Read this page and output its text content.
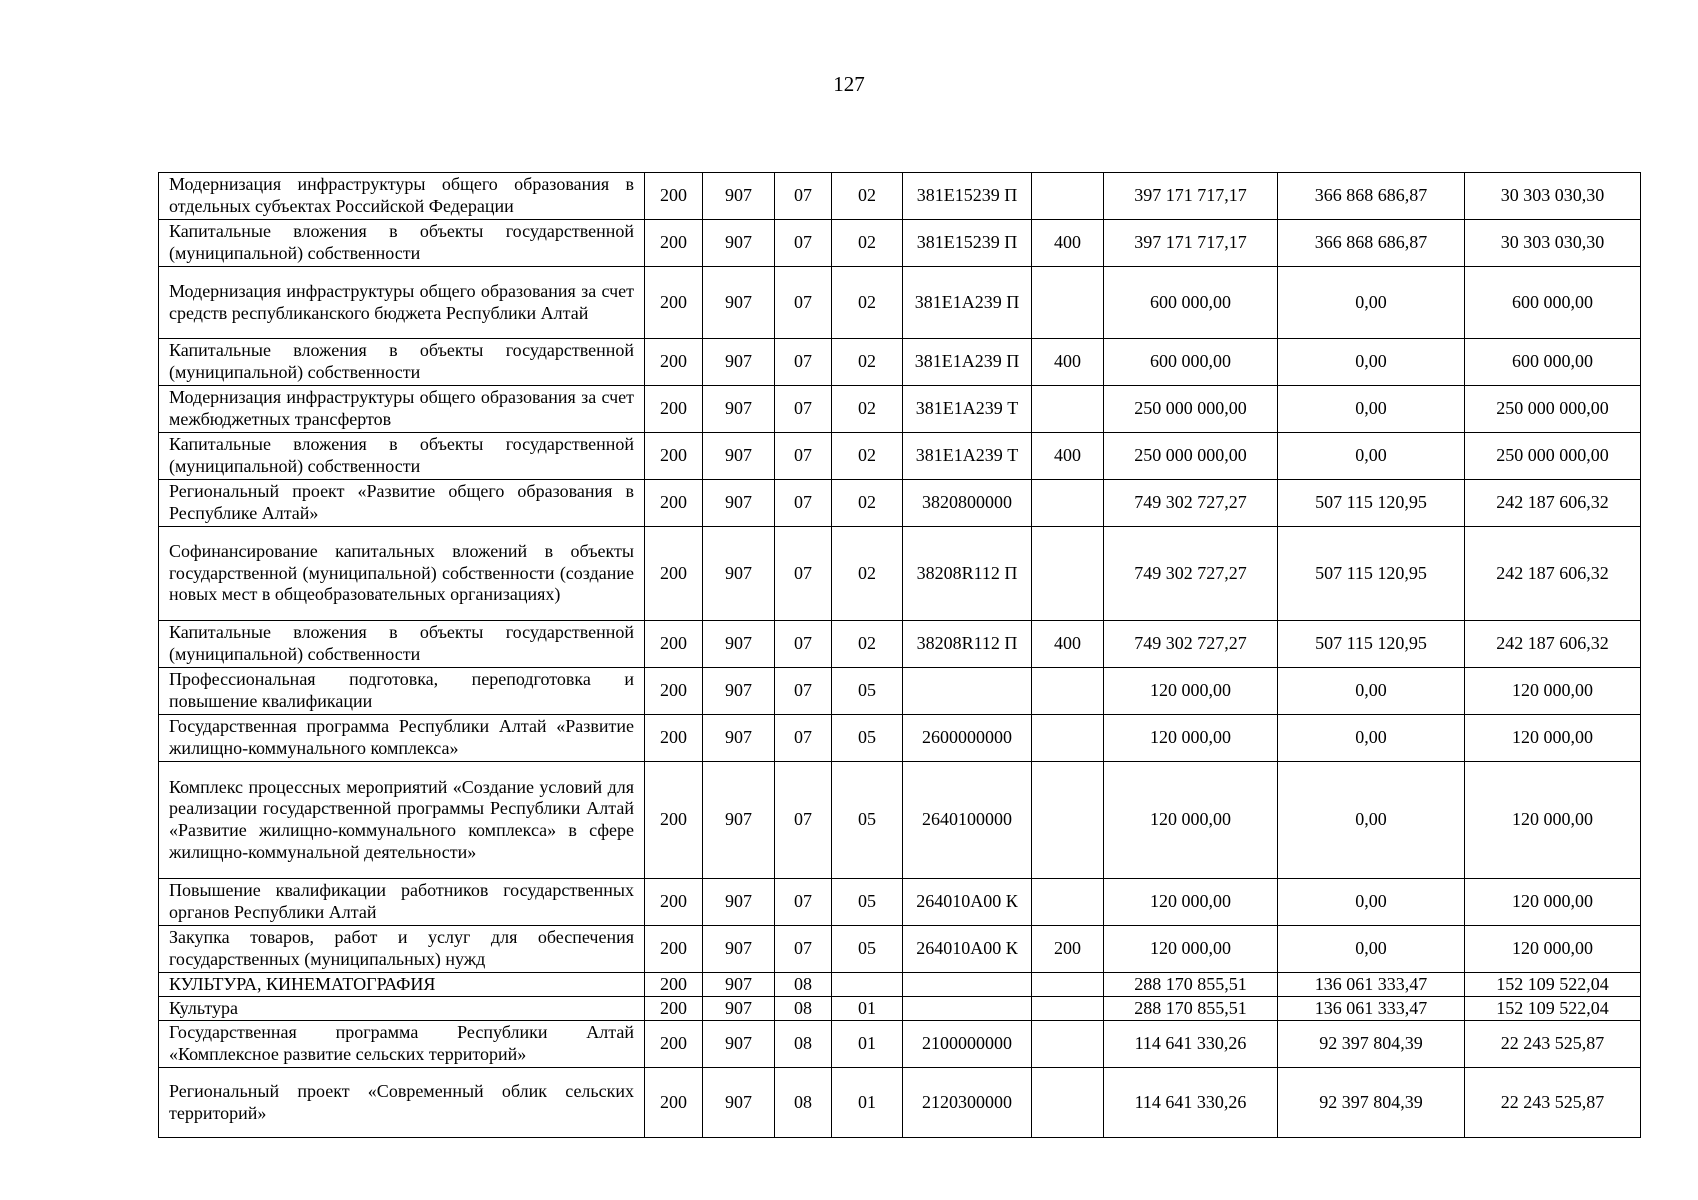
127
Модернизация инфраструктуры общего образования в отдельных субъектах Российской Федерации	200	907	07	02	381E15239 П		397 171 717,17	366 868 686,87	30 303 030,30
Капитальные вложения в объекты государственной (муниципальной) собственности	200	907	07	02	381E15239 П	400	397 171 717,17	366 868 686,87	30 303 030,30
Модернизация инфраструктуры общего образования за счет средств республиканского бюджета Республики Алтай	200	907	07	02	381E1A239 П		600 000,00	0,00	600 000,00
Капитальные вложения в объекты государственной (муниципальной) собственности	200	907	07	02	381E1A239 П	400	600 000,00	0,00	600 000,00
Модернизация инфраструктуры общего образования за счет межбюджетных трансфертов	200	907	07	02	381E1A239 Т		250 000 000,00	0,00	250 000 000,00
Капитальные вложения в объекты государственной (муниципальной) собственности	200	907	07	02	381E1A239 Т	400	250 000 000,00	0,00	250 000 000,00
Региональный проект «Развитие общего образования в Республике Алтай»	200	907	07	02	3820800000		749 302 727,27	507 115 120,95	242 187 606,32
Софинансирование капитальных вложений в объекты государственной (муниципальной) собственности (создание новых мест в общеобразовательных организациях)	200	907	07	02	38208R112 П		749 302 727,27	507 115 120,95	242 187 606,32
Капитальные вложения в объекты государственной (муниципальной) собственности	200	907	07	02	38208R112 П	400	749 302 727,27	507 115 120,95	242 187 606,32
Профессиональная подготовка, переподготовка и повышение квалификации	200	907	07	05			120 000,00	0,00	120 000,00
Государственная программа Республики Алтай «Развитие жилищно-коммунального комплекса»	200	907	07	05	2600000000		120 000,00	0,00	120 000,00
Комплекс процессных мероприятий «Создание условий для реализации государственной программы Республики Алтай «Развитие жилищно-коммунального комплекса» в сфере жилищно-коммунальной деятельности»	200	907	07	05	2640100000		120 000,00	0,00	120 000,00
Повышение квалификации работников государственных органов Республики Алтай	200	907	07	05	264010А00 К		120 000,00	0,00	120 000,00
Закупка товаров, работ и услуг для обеспечения государственных (муниципальных) нужд	200	907	07	05	264010А00 К	200	120 000,00	0,00	120 000,00
КУЛЬТУРА, КИНЕМАТОГРАФИЯ	200	907	08				288 170 855,51	136 061 333,47	152 109 522,04
Культура	200	907	08	01			288 170 855,51	136 061 333,47	152 109 522,04
Государственная программа Республики Алтай «Комплексное развитие сельских территорий»	200	907	08	01	2100000000		114 641 330,26	92 397 804,39	22 243 525,87
Региональный проект «Современный облик сельских территорий»	200	907	08	01	2120300000		114 641 330,26	92 397 804,39	22 243 525,87
